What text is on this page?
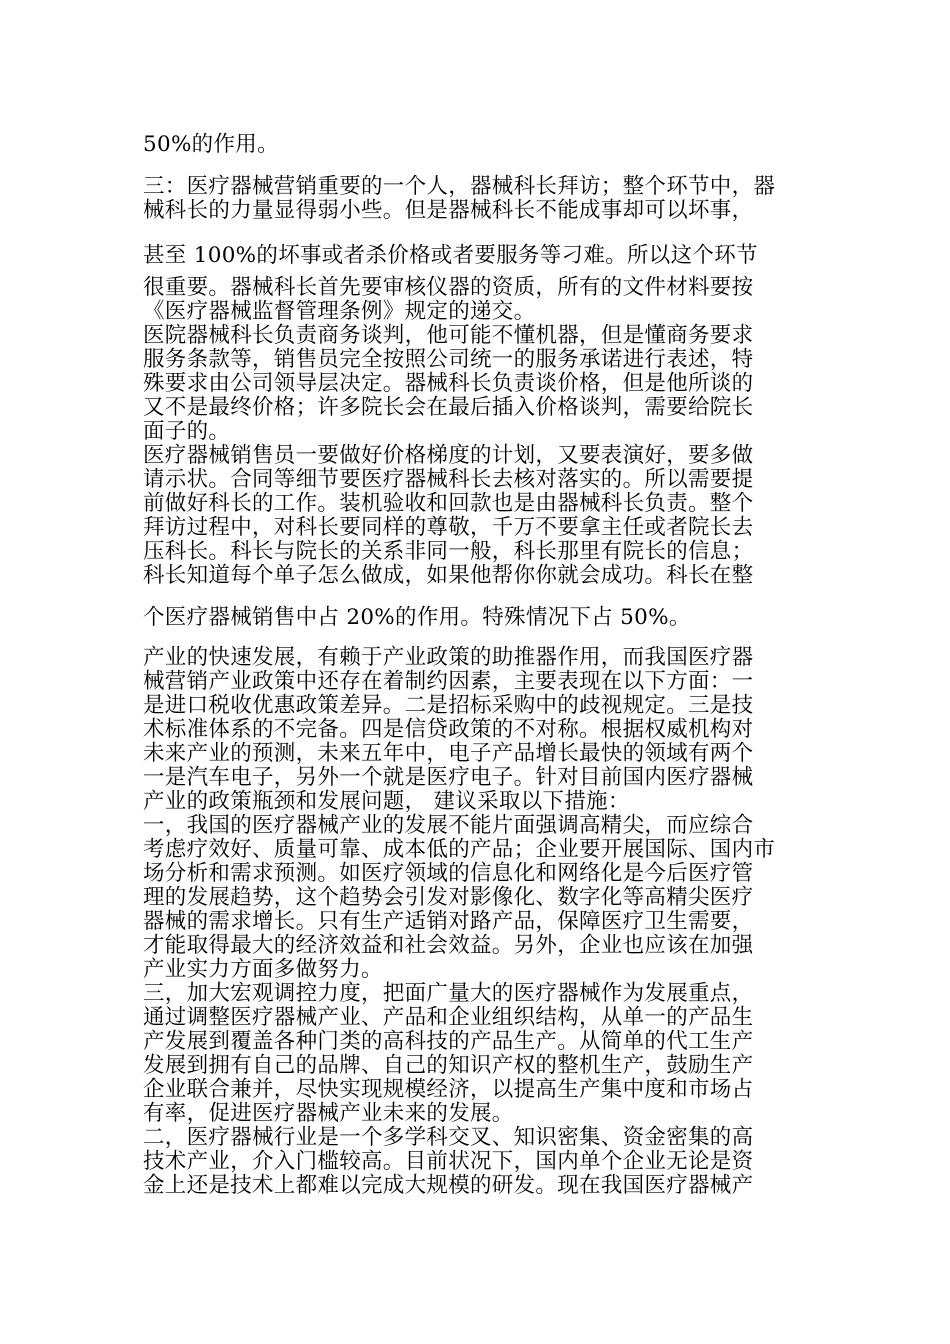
50%的作用。

三：医疗器械营销重要的一个人，器械科长拜访；整个环节中，器
械科长的力量显得弱小些。但是器械科长不能成事却可以坏事，

甚至 100%的坏事或者杀价格或者要服务等刁难。所以这个环节
很重要。器械科长首先要审核仪器的资质，所有的文件材料要按
《医疗器械监督管理条例》规定的递交。

医院器械科长负责商务谈判，他可能不懂机器，但是懂商务要求
服务条款等，销售员完全按照公司统一的服务承诺进行表述，特
殊要求由公司领导层决定。器械科长负责谈价格，但是他所谈的
又不是最终价格；许多院长会在最后插入价格谈判，需要给院长
面子的。

医疗器械销售员一要做好价格梯度的计划，又要表演好，要多做
请示状。合同等细节要医疗器械科长去核对落实的。所以需要提
前做好科长的工作。装机验收和回款也是由器械科长负责。整个
拜访过程中，对科长要同样的尊敬，千万不要拿主任或者院长去
压科长。科长与院长的关系非同一般，科长那里有院长的信息；
科长知道每个单子怎么做成，如果他帮你你就会成功。科长在整

个医疗器械销售中占 20%的作用。特殊情况下占 50%。

产业的快速发展，有赖于产业政策的助推器作用，而我国医疗器
械营销产业政策中还存在着制约因素，主要表现在以下方面：一
是进口税收优惠政策差异。二是招标采购中的歧视规定。三是技
术标准体系的不完备。四是信贷政策的不对称。根据权威机构对
未来产业的预测，未来五年中，电子产品增长最快的领域有两个
一是汽车电子，另外一个就是医疗电子。针对目前国内医疗器械
产业的政策瓶颈和发展问题， 建议采取以下措施：

一，我国的医疗器械产业的发展不能片面强调高精尖，而应综合
考虑疗效好、质量可靠、成本低的产品；企业要开展国际、国内市
场分析和需求预测。如医疗领域的信息化和网络化是今后医疗管
理的发展趋势，这个趋势会引发对影像化、数字化等高精尖医疗
器械的需求增长。只有生产适销对路产品，保障医疗卫生需要，
才能取得最大的经济效益和社会效益。另外，企业也应该在加强
产业实力方面多做努力。

三，加大宏观调控力度，把面广量大的医疗器械作为发展重点，
通过调整医疗器械产业、产品和企业组织结构，从单一的产品生
产发展到覆盖各种门类的高科技的产品生产。从简单的代工生产
发展到拥有自己的品牌、自己的知识产权的整机生产，鼓励生产
企业联合兼并，尽快实现规模经济，以提高生产集中度和市场占
有率，促进医疗器械产业未来的发展。

二，医疗器械行业是一个多学科交叉、知识密集、资金密集的高
技术产业，介入门槛较高。目前状况下，国内单个企业无论是资
金上还是技术上都难以完成大规模的研发。现在我国医疗器械产
